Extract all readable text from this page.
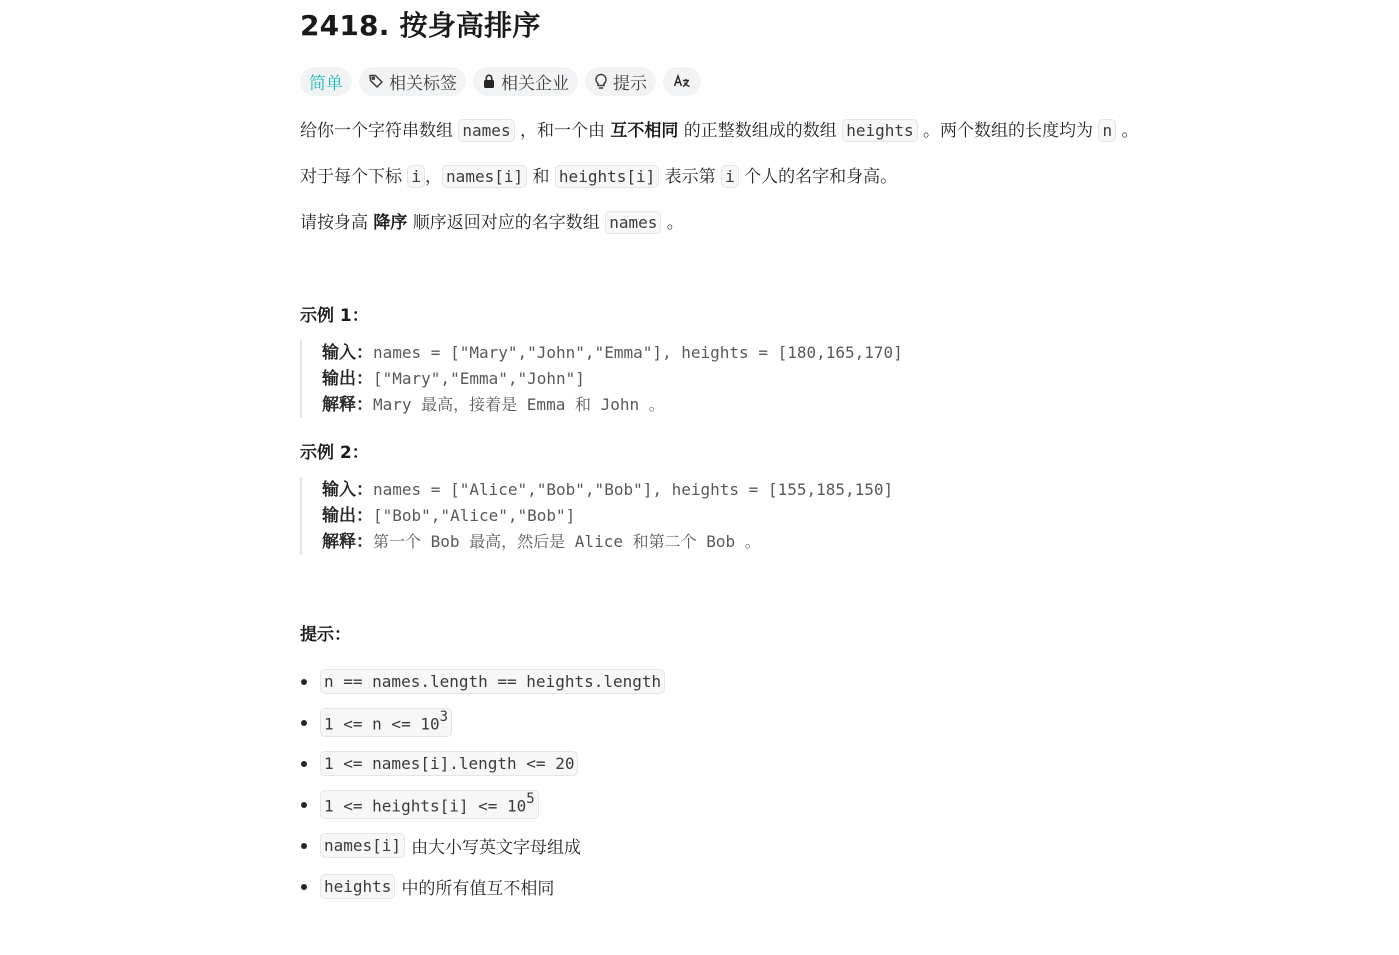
2418. 按身高排序
简单	相关标签	相关企业	提示

给你一个字符串数组 names ，和一个由 互不相同 的正整数组成的数组 heights 。两个数组的长度均为 n 。

对于每个下标 i ， names[i] 和 heights[i] 表示第 i 个人的名字和身高。

请按身高 降序 顺序返回对应的名字数组 names 。

示例 1：

输入：names = ["Mary","John","Emma"], heights = [180,165,170]
输出：["Mary","Emma","John"]
解释：Mary 最高，接着是 Emma 和 John 。

示例 2：

输入：names = ["Alice","Bob","Bob"], heights = [155,185,150]
输出：["Bob","Alice","Bob"]
解释：第一个 Bob 最高，然后是 Alice 和第二个 Bob 。

提示：

n == names.length == heights.length
$1 <= n <= 10^3$
1 <= names[i].length <= 20
1 <= heights[i] <= $10^5$
names[i] 由大小写英文字母组成
heights 中的所有值互不相同
